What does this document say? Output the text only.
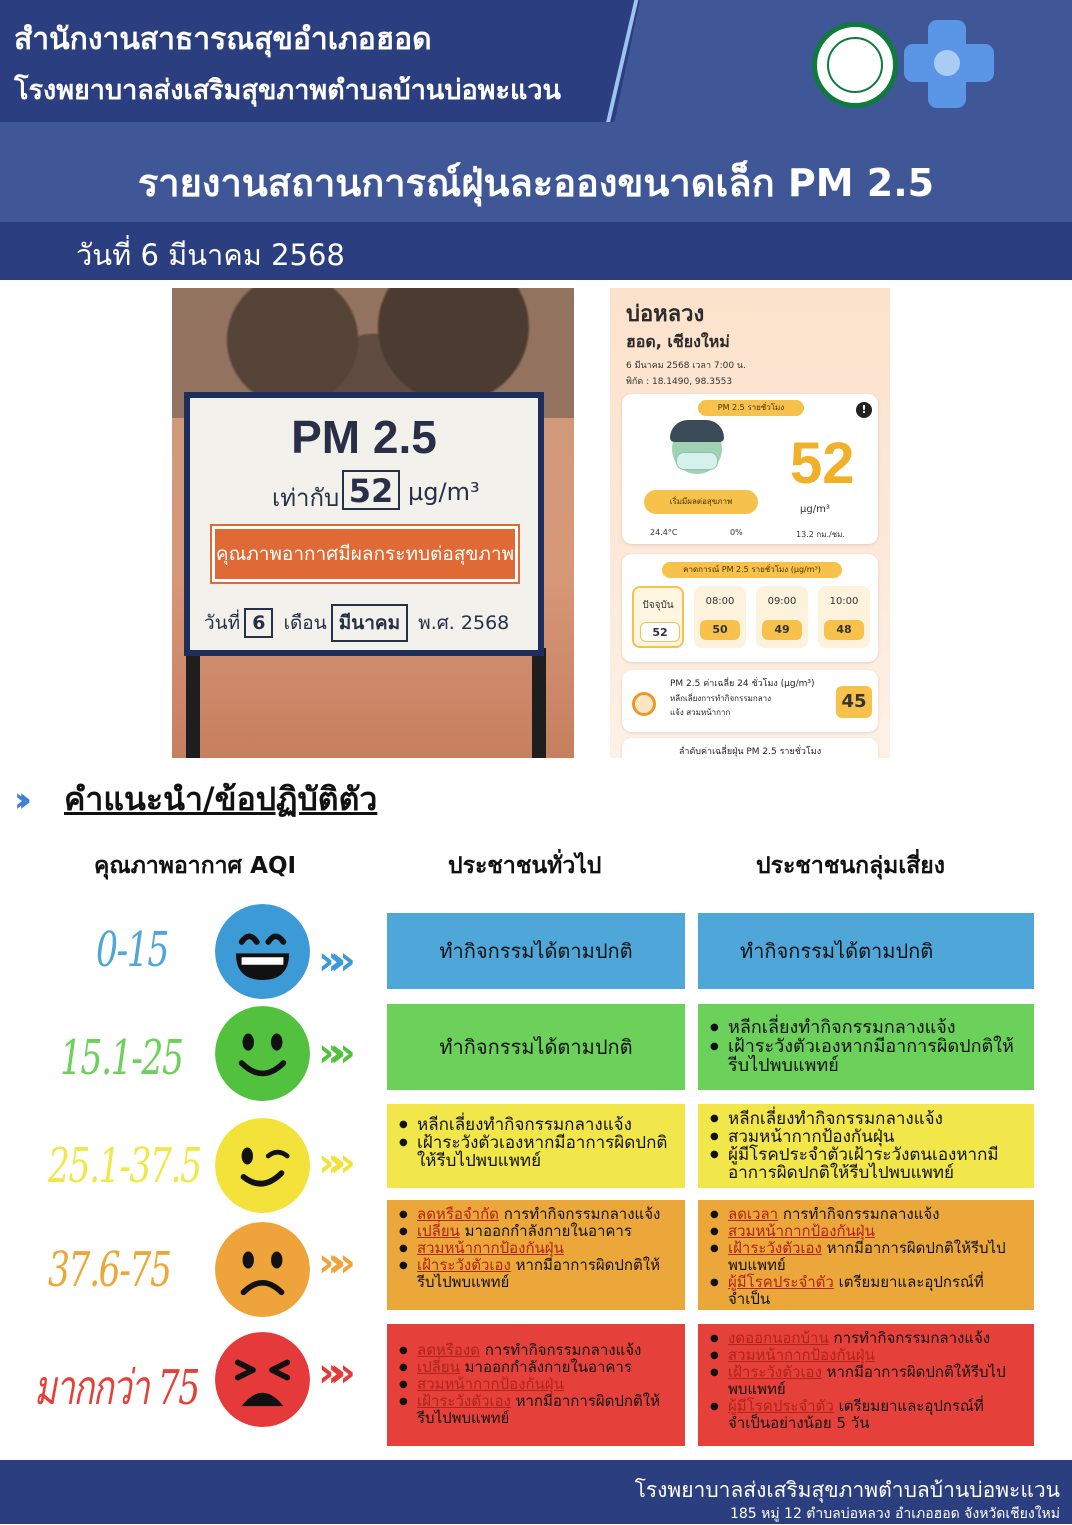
สำนักงานสาธารณสุขอำเภอฮอด
โรงพยาบาลส่งเสริมสุขภาพตำบลบ้านบ่อพะแวน
รายงานสถานการณ์ฝุ่นละอองขนาดเล็ก PM 2.5
วันที่ 6 มีนาคม 2568
PM 2.5
เท่ากับ 52 µg/m³
คุณภาพอากาศมีผลกระทบต่อสุขภาพ
วันที่ 6 เดือน มีนาคม พ.ศ. 2568
บ่อหลวง
ฮอด, เชียงใหม่
6 มีนาคม 2568 เวลา 7:00 น.
พิกัด : 18.1490, 98.3553
PM 2.5 รายชั่วโมง	!
52
µg/m³
เริ่มมีผลต่อสุขภาพ
24.4°C	0%	13.2 กม./ชม.
คาดการณ์ PM 2.5 รายชั่วโมง (µg/m³)
ปัจจุบัน
52
08:00
50
09:00
49
10:00
48
PM 2.5 ค่าเฉลี่ย 24 ชั่วโมง (µg/m³)
หลีกเลี่ยงการทำกิจกรรมกลาง
แจ้ง สวมหน้ากาก
45
ลำดับค่าเฉลี่ยฝุ่น PM 2.5 รายชั่วโมง
›› คำแนะนำ/ข้อปฏิบัติตัว
คุณภาพอากาศ AQI	ประชาชนทั่วไป	ประชาชนกลุ่มเสี่ยง
0-15	»»	ทำกิจกรรมได้ตามปกติ	ทำกิจกรรมได้ตามปกติ
15.1-25	»»	ทำกิจกรรมได้ตามปกติ
● หลีกเลี่ยงทำกิจกรรมกลางแจ้ง
● เฝ้าระวังตัวเองหากมีอาการผิดปกติให้รีบไปพบแพทย์
25.1-37.5	»»
● หลีกเลี่ยงทำกิจกรรมกลางแจ้ง
● เฝ้าระวังตัวเองหากมีอาการผิดปกติให้รีบไปพบแพทย์
● หลีกเลี่ยงทำกิจกรรมกลางแจ้ง
● สวมหน้ากากป้องกันฝุ่น
● ผู้มีโรคประจำตัวเฝ้าระวังตนเองหากมีอาการผิดปกติให้รีบไปพบแพทย์
37.6-75	»»
● ลดหรือจำกัด การทำกิจกรรมกลางแจ้ง
● เปลี่ยน มาออกกำลังกายในอาคาร
● สวมหน้ากากป้องกันฝุ่น
● เฝ้าระวังตัวเอง หากมีอาการผิดปกติให้รีบไปพบแพทย์
● ลดเวลา การทำกิจกรรมกลางแจ้ง
● สวมหน้ากากป้องกันฝุ่น
● เฝ้าระวังตัวเอง หากมีอาการผิดปกติให้รีบไปพบแพทย์
● ผู้มีโรคประจำตัว เตรียมยาและอุปกรณ์ที่จำเป็น
มากกว่า 75	»»
●	ลดหรืองด การทำกิจกรรมกลางแจ้ง
● เปลี่ยน มาออกกำลังกายในอาคาร
● สวมหน้ากากป้องกันฝุ่น
● เฝ้าระวังตัวเอง หากมีอาการผิดปกติให้รีบไปพบแพทย์
● งดออกนอกบ้าน การทำกิจกรรมกลางแจ้ง
● สวมหน้ากากป้องกันฝุ่น
● เฝ้าระวังตัวเอง หากมีอาการผิดปกติให้รีบไปพบแพทย์
● ผู้มีโรคประจำตัว เตรียมยาและอุปกรณ์ที่จำเป็นอย่างน้อย 5 วัน
โรงพยาบาลส่งเสริมสุขภาพตำบลบ้านบ่อพะแวน
185 หมู่ 12 ตำบลบ่อหลวง อำเภอฮอด จังหวัดเชียงใหม่
